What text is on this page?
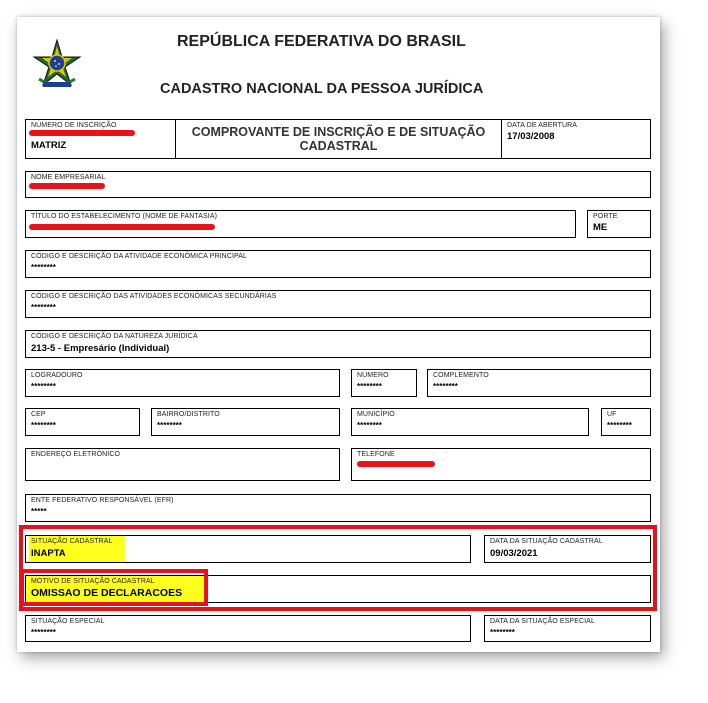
REPÚBLICA FEDERATIVA DO BRASIL
CADASTRO NACIONAL DA PESSOA JURÍDICA
NÚMERO DE INSCRIÇÃO
MATRIZ
COMPROVANTE DE INSCRIÇÃO E DE SITUAÇÃO
CADASTRAL
DATA DE ABERTURA
17/03/2008
NOME EMPRESARIAL
TÍTULO DO ESTABELECIMENTO (NOME DE FANTASIA)	PORTE
ME
CÓDIGO E DESCRIÇÃO DA ATIVIDADE ECONÔMICA PRINCIPAL
********
CÓDIGO E DESCRIÇÃO DAS ATIVIDADES ECONÔMICAS SECUNDÁRIAS
********
CÓDIGO E DESCRIÇÃO DA NATUREZA JURÍDICA
213-5 - Empresário (Individual)
LOGRADOURO
********
NÚMERO
********
COMPLEMENTO
********
CEP
********
BAIRRO/DISTRITO
********
MUNICÍPIO
********
UF
********
ENDEREÇO ELETRÔNICO	TELEFONE
ENTE FEDERATIVO RESPONSÁVEL (EFR)
*****
SITUAÇÃO CADASTRAL
INAPTA
DATA DA SITUAÇÃO CADASTRAL
09/03/2021
MOTIVO DE SITUAÇÃO CADASTRAL
OMISSAO DE DECLARACOES
SITUAÇÃO ESPECIAL
********
DATA DA SITUAÇÃO ESPECIAL
********
